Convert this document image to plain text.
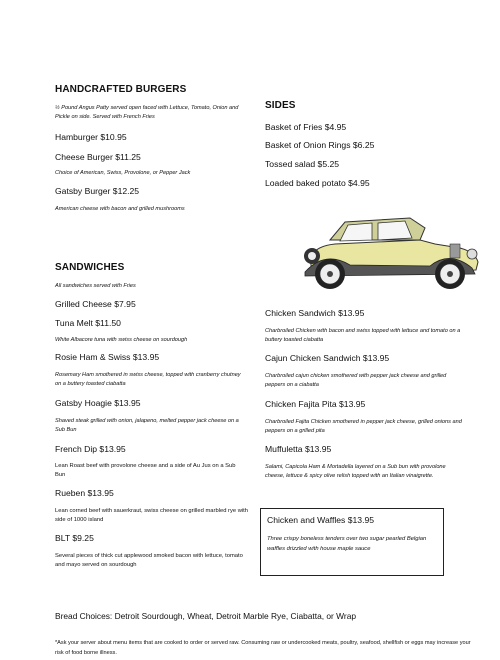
HANDCRAFTED BURGERS

½ Pound Angus Patty served open faced with Lettuce, Tomato, Onion and Pickle on side. Served with French Fries

Hamburger $10.95

Cheese Burger $11.25

Choice of American, Swiss, Provolone, or Pepper Jack

Gatsby Burger $12.25

American cheese with bacon and grilled mushrooms

SIDES

Basket of Fries $4.95

Basket of Onion Rings $6.25

Tossed salad $5.25

Loaded baked potato $4.95

SANDWICHES

All sandwiches served with Fries

Grilled Cheese $7.95

Tuna Melt $11.50

White Albacore tuna with swiss cheese on sourdough

Rosie Ham & Swiss $13.95

Rosemary Ham smothered in swiss cheese, topped with cranberry chutney on a buttery toasted ciabatta

Gatsby Hoagie $13.95

Shaved steak grilled with onion, jalapeno, melted pepper jack cheese on a Sub Bun

French Dip $13.95

Lean Roast beef with provolone cheese and a side of Au Jus on a Sub Bun

Rueben $13.95

Lean corned beef with sauerkraut, swiss cheese on grilled marbled rye with side of 1000 island

BLT $9.25

Several pieces of thick cut applewood smoked bacon with lettuce, tomato and mayo served on sourdough

Chicken Sandwich $13.95

Charbroiled Chicken with bacon and swiss topped with lettuce and tomato on a buttery toasted ciabatta

Cajun Chicken Sandwich $13.95

Charbroiled cajun chicken smothered with pepper jack cheese and grilled peppers on a ciabatta

Chicken Fajita Pita $13.95

Charbroiled Fajita Chicken smothered in pepper jack cheese, grilled onions and peppers on a grilled pita

Muffuletta $13.95

Salami, Capicola Ham & Mortadella layered on a Sub bun with provolone cheese, lettuce & spicy olive relish topped with an Italian vinaigrette.

Chicken and Waffles $13.95

Three crispy boneless tenders over two sugar pearled Belgian waffles drizzled with house maple sauce

Bread Choices: Detroit Sourdough, Wheat, Detroit Marble Rye, Ciabatta, or Wrap

*Ask your server about menu items that are cooked to order or served raw. Consuming raw or undercooked meats, poultry, seafood, shellfish or eggs may increase your risk of food borne illness.
